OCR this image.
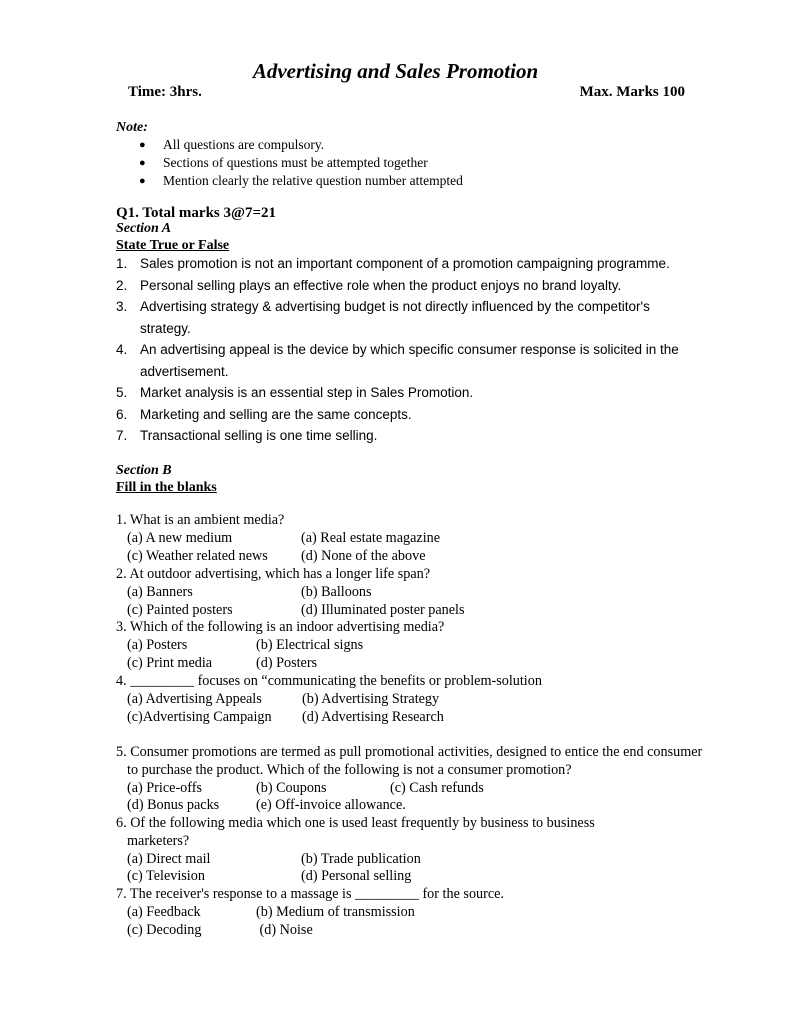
Advertising and Sales Promotion
Time: 3hrs.	Max. Marks 100
Note:
● All questions are compulsory.
● Sections of questions must be attempted together
● Mention clearly the relative question number attempted
Q1. Total marks 3@7=21
Section A
State True or False
1. Sales promotion is not an important component of a promotion campaigning programme.
2. Personal selling plays an effective role when the product enjoys no brand loyalty.
3. Advertising strategy & advertising budget is not directly influenced by the competitor's strategy.
4. An advertising appeal is the device by which specific consumer response is solicited in the advertisement.
5. Market analysis is an essential step in Sales Promotion.
6. Marketing and selling are the same concepts.
7. Transactional selling is one time selling.
Section B
Fill in the blanks
1. What is an ambient media?
(a) A new medium	(a) Real estate magazine
(c) Weather related news (d) None of the above
2. At outdoor advertising, which has a longer life span?
(a) Banners	(b) Balloons
(c) Painted posters	(d) Illuminated poster panels
3. Which of the following is an indoor advertising media?
(a) Posters	(b) Electrical signs
(c) Print media	(d) Posters
4. _________ focuses on “communicating the benefits or problem-solution
(a) Advertising Appeals	(b) Advertising Strategy
(c)Advertising Campaign (d) Advertising Research
5. Consumer promotions are termed as pull promotional activities, designed to entice the end consumer to purchase the product. Which of the following is not a consumer promotion?
(a) Price-offs	(b) Coupons	(c) Cash refunds
(d) Bonus packs	(e) Off-invoice allowance.
6. Of the following media which one is used least frequently by business to business marketers?
(a) Direct mail	(b) Trade publication
(c) Television	(d) Personal selling
7. The receiver's response to a massage is _________ for the source.
(a) Feedback	(b) Medium of transmission
(c) Decoding	(d) Noise
